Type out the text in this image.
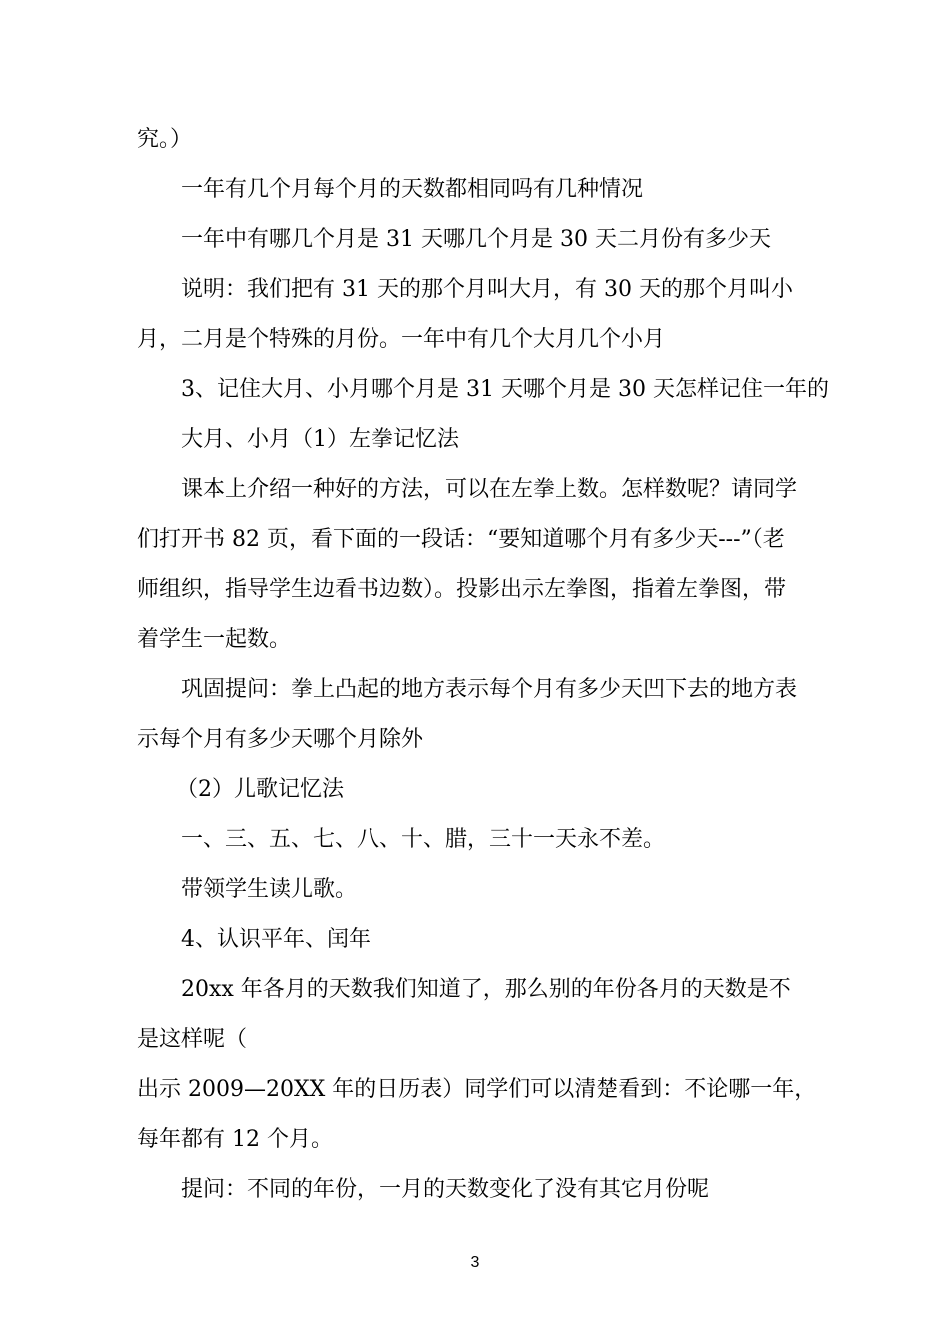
究。）
一年有几个月每个月的天数都相同吗有几种情况
一年中有哪几个月是 31 天哪几个月是 30 天二月份有多少天
说明：我们把有 31 天的那个月叫大月，有 30 天的那个月叫小
月，二月是个特殊的月份。一年中有几个大月几个小月
3、记住大月、小月哪个月是 31 天哪个月是 30 天怎样记住一年的
大月、小月（1）左拳记忆法
课本上介绍一种好的方法，可以在左拳上数。怎样数呢？请同学
们打开书 82 页，看下面的一段话：“要知道哪个月有多少天---”（老
师组织，指导学生边看书边数）。投影出示左拳图，指着左拳图，带
着学生一起数。
巩固提问：拳上凸起的地方表示每个月有多少天凹下去的地方表
示每个月有多少天哪个月除外
（2）儿歌记忆法
一、三、五、七、八、十、腊，三十一天永不差。
带领学生读儿歌。
4、认识平年、闰年
20xx 年各月的天数我们知道了，那么别的年份各月的天数是不
是这样呢（
出示 2009—20XX 年的日历表）同学们可以清楚看到：不论哪一年，
每年都有 12 个月。
提问：不同的年份，一月的天数变化了没有其它月份呢
3
